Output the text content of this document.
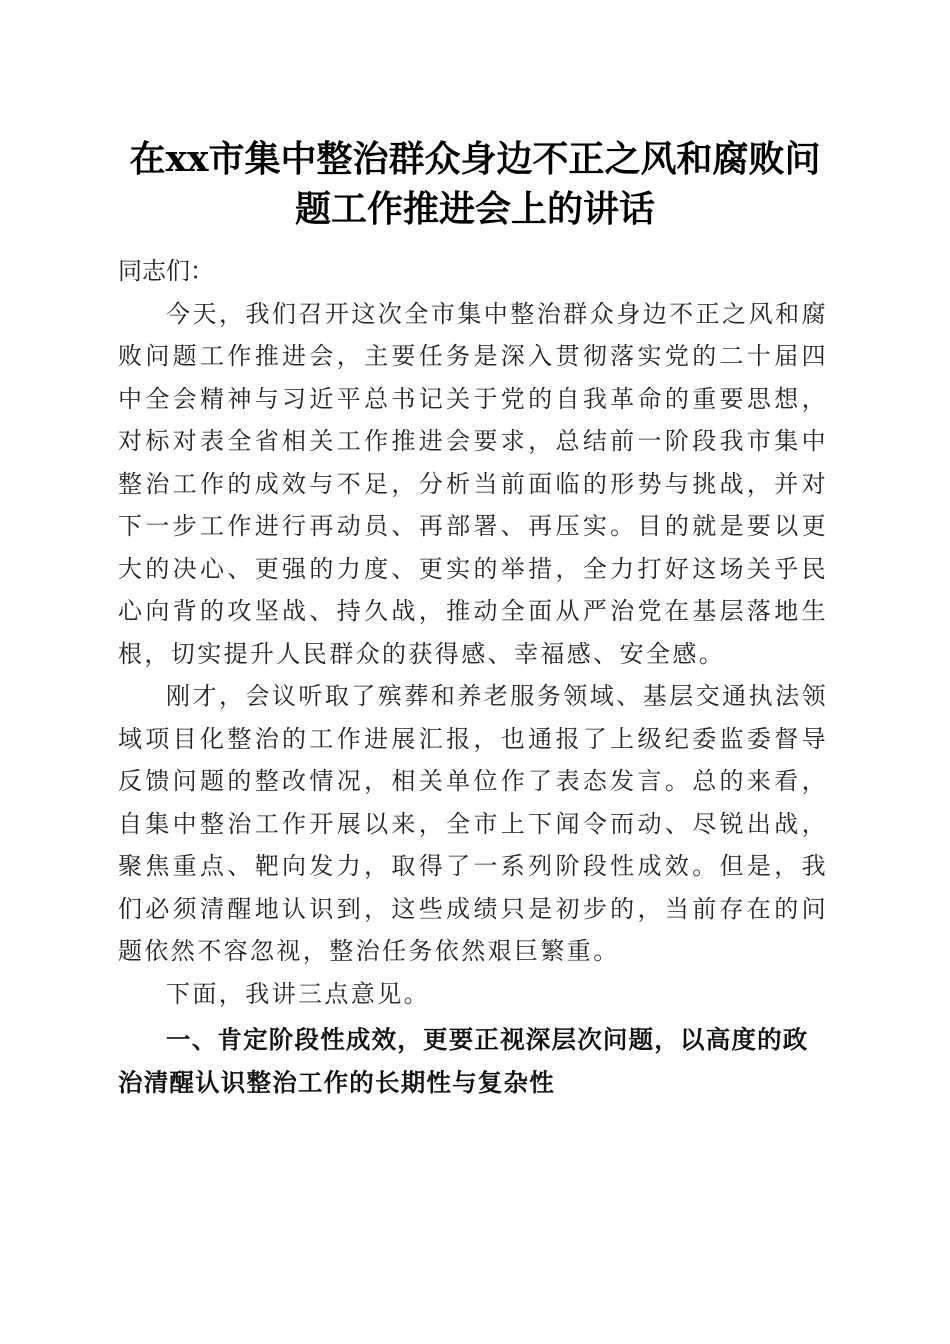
在xx市集中整治群众身边不正之风和腐败问题工作推进会上的讲话

同志们：

今天，我们召开这次全市集中整治群众身边不正之风和腐败问题工作推进会，主要任务是深入贯彻落实党的二十届四中全会精神与习近平总书记关于党的自我革命的重要思想，对标对表全省相关工作推进会要求，总结前一阶段我市集中整治工作的成效与不足，分析当前面临的形势与挑战，并对下一步工作进行再动员、再部署、再压实。目的就是要以更大的决心、更强的力度、更实的举措，全力打好这场关乎民心向背的攻坚战、持久战，推动全面从严治党在基层落地生根，切实提升人民群众的获得感、幸福感、安全感。

刚才，会议听取了殡葬和养老服务领域、基层交通执法领域项目化整治的工作进展汇报，也通报了上级纪委监委督导反馈问题的整改情况，相关单位作了表态发言。总的来看，自集中整治工作开展以来，全市上下闻令而动、尽锐出战，聚焦重点、靶向发力，取得了一系列阶段性成效。但是，我们必须清醒地认识到，这些成绩只是初步的，当前存在的问题依然不容忽视，整治任务依然艰巨繁重。

下面，我讲三点意见。

一、肯定阶段性成效，更要正视深层次问题，以高度的政治清醒认识整治工作的长期性与复杂性
